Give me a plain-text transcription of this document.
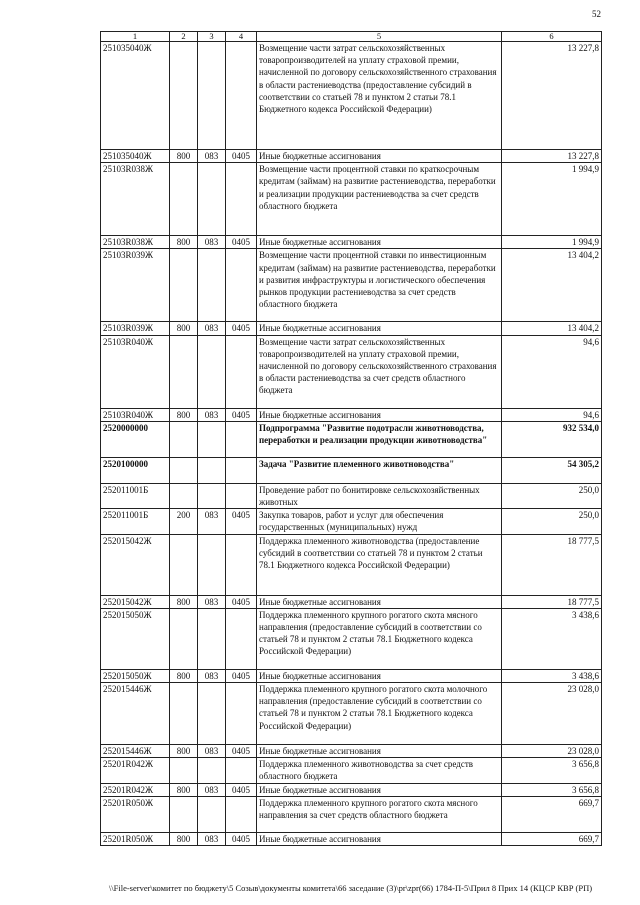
52
1	2	3	4	5	6
251035040Ж				Возмещение части затрат сельскохозяйственных товаропроизводителей на уплату страховой премии, начисленной по договору сельскохозяйственного страхования в области растениеводства (предоставление субсидий в соответствии со статьей 78 и пунктом 2 статьи 78.1 Бюджетного кодекса Российской Федерации)	13 227,8
251035040Ж	800	083	0405	Иные бюджетные ассигнования	13 227,8
25103R038Ж				Возмещение части процентной ставки по краткосрочным кредитам (займам) на развитие растениеводства, переработки и реализации продукции растениеводства за счет средств областного бюджета	1 994,9
25103R038Ж	800	083	0405	Иные бюджетные ассигнования	1 994,9
25103R039Ж				Возмещение части процентной ставки по инвестиционным кредитам (займам) на развитие растениеводства, переработки и развития инфраструктуры и логистического обеспечения рынков продукции растениеводства за счет средств областного бюджета	13 404,2
25103R039Ж	800	083	0405	Иные бюджетные ассигнования	13 404,2
25103R040Ж				Возмещение части затрат сельскохозяйственных товаропроизводителей на уплату страховой премии, начисленной по договору сельскохозяйственного страхования в области растениеводства за счет средств областного бюджета	94,6
25103R040Ж	800	083	0405	Иные бюджетные ассигнования	94,6
2520000000				Подпрограмма "Развитие подотрасли животноводства, переработки и реализации продукции животноводства"	932 534,0
2520100000				Задача "Развитие племенного животноводства"	54 305,2
252011001Б				Проведение работ по бонитировке сельскохозяйственных животных	250,0
252011001Б	200	083	0405	Закупка товаров, работ и услуг для обеспечения государственных (муниципальных) нужд	250,0
252015042Ж				Поддержка племенного животноводства (предоставление субсидий в соответствии со статьей 78 и пунктом 2 статьи 78.1 Бюджетного кодекса Российской Федерации)	18 777,5
252015042Ж	800	083	0405	Иные бюджетные ассигнования	18 777,5
252015050Ж				Поддержка племенного крупного рогатого скота мясного направления (предоставление субсидий в соответствии со статьей 78 и пунктом 2 статьи 78.1 Бюджетного кодекса Российской Федерации)	3 438,6
252015050Ж	800	083	0405	Иные бюджетные ассигнования	3 438,6
252015446Ж				Поддержка племенного крупного рогатого скота молочного направления (предоставление субсидий в соответствии со статьей 78 и пунктом 2 статьи 78.1 Бюджетного кодекса Российской Федерации)	23 028,0
252015446Ж	800	083	0405	Иные бюджетные ассигнования	23 028,0
25201R042Ж				Поддержка племенного животноводства за счет средств областного бюджета	3 656,8
25201R042Ж	800	083	0405	Иные бюджетные ассигнования	3 656,8
25201R050Ж				Поддержка племенного крупного рогатого скота мясного направления за счет средств областного бюджета	669,7
25201R050Ж	800	083	0405	Иные бюджетные ассигнования	669,7
\\File-server\комитет по бюджету\5 Созыв\документы комитета\66 заседание (3)\pr\zpr(66) 1784-П-5\Прил 8 Прих 14 (КЦСР КВР (РП)
